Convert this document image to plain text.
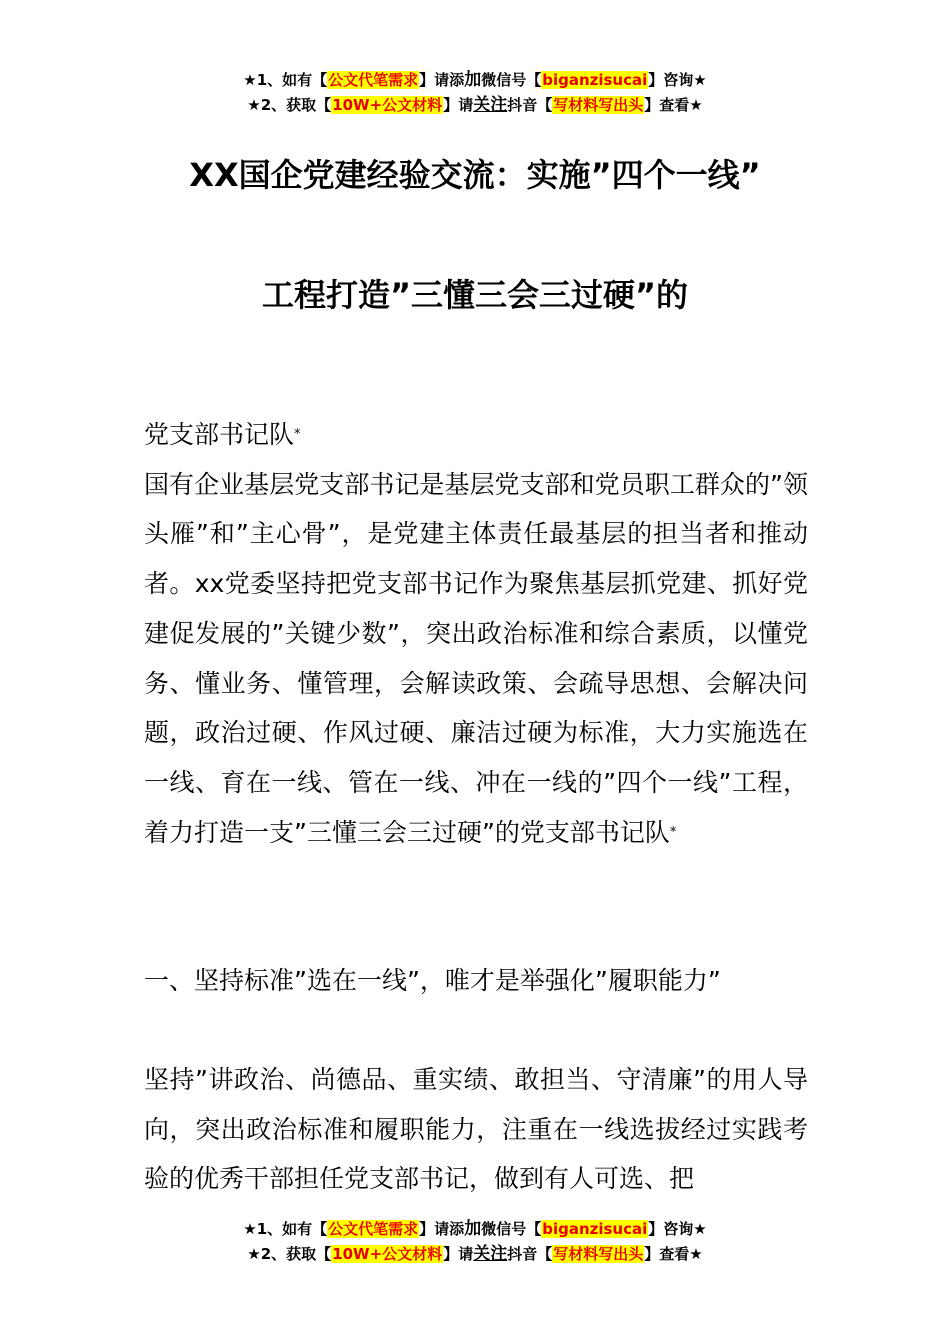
★1、如有【公文代笔需求】请添加微信号【biganzisucai】咨询★
★2、获取【10W+公文材料】请关注抖音【写材料写出头】查看★
XX国企党建经验交流：实施”四个一线”
工程打造”三懂三会三过硬”的
党支部书记队*
国有企业基层党支部书记是基层党支部和党员职工群众的”领头雁”和”主心骨”，是党建主体责任最基层的担当者和推动者。xx党委坚持把党支部书记作为聚焦基层抓党建、抓好党建促发展的”关键少数”，突出政治标准和综合素质，以懂党务、懂业务、懂管理，会解读政策、会疏导思想、会解决问题，政治过硬、作风过硬、廉洁过硬为标准，大力实施选在一线、育在一线、管在一线、冲在一线的”四个一线”工程，着力打造一支”三懂三会三过硬”的党支部书记队*
一、坚持标准”选在一线”，唯才是举强化”履职能力”
坚持”讲政治、尚德品、重实绩、敢担当、守清廉”的用人导向，突出政治标准和履职能力，注重在一线选拔经过实践考验的优秀干部担任党支部书记，做到有人可选、把
★1、如有【公文代笔需求】请添加微信号【biganzisucai】咨询★
★2、获取【10W+公文材料】请关注抖音【写材料写出头】查看★
